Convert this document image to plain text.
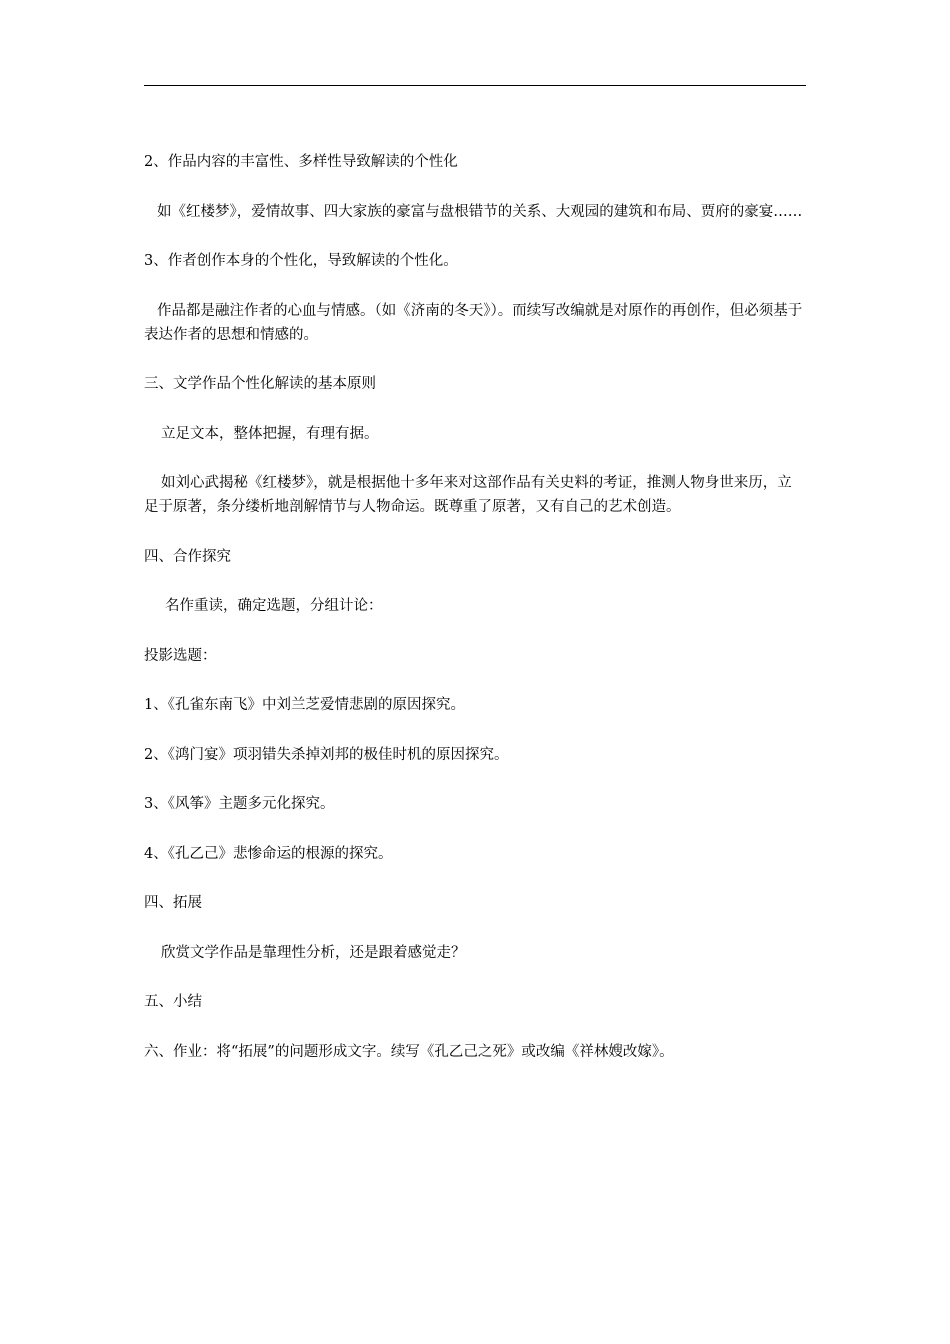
2、作品内容的丰富性、多样性导致解读的个性化

如《红楼梦》，爱情故事、四大家族的豪富与盘根错节的关系、大观园的建筑和布局、贾府的豪宴……

3、作者创作本身的个性化，导致解读的个性化。

作品都是融注作者的心血与情感。（如《济南的冬天》）。而续写改编就是对原作的再创作，但必须基于表达作者的思想和情感的。

三、文学作品个性化解读的基本原则

立足文本，整体把握，有理有据。

如刘心武揭秘《红楼梦》，就是根据他十多年来对这部作品有关史料的考证，推测人物身世来历，立足于原著，条分缕析地剖解情节与人物命运。既尊重了原著，又有自己的艺术创造。

四、合作探究

名作重读，确定选题，分组计论：

投影选题：

1、《孔雀东南飞》中刘兰芝爱情悲剧的原因探究。

2、《鸿门宴》项羽错失杀掉刘邦的极佳时机的原因探究。

3、《风筝》主题多元化探究。

4、《孔乙己》悲惨命运的根源的探究。

四、拓展

欣赏文学作品是靠理性分析，还是跟着感觉走？

五、小结

六、作业：将“拓展”的问题形成文字。续写《孔乙己之死》或改编《祥林嫂改嫁》。
